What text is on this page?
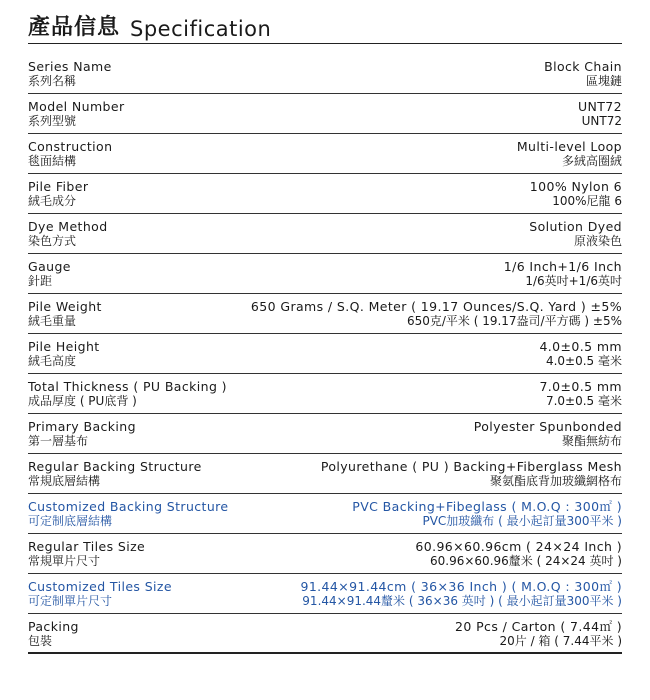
產品信息 Specification
Series Name
系列名稱
Block Chain
區塊鏈
Model Number
系列型號
UNT72
UNT72
Construction
毯面結構
Multi-level Loop
多絨高圈絨
Pile Fiber
絨毛成分
100% Nylon 6
100%尼龍 6
Dye Method
染色方式
Solution Dyed
原液染色
Gauge
針距
1/6 Inch+1/6 Inch
1/6英吋+1/6英吋
Pile Weight
絨毛重量
650 Grams / S.Q. Meter ( 19.17 Ounces/S.Q. Yard ) ±5%
650克/平米 ( 19.17盎司/平方碼 ) ±5%
Pile Height
絨毛高度
4.0±0.5 mm
4.0±0.5 毫米
Total Thickness ( PU Backing )
成品厚度 ( PU底背 )
7.0±0.5 mm
7.0±0.5 毫米
Primary Backing
第一層基布
Polyester Spunbonded
聚酯無紡布
Regular Backing Structure
常規底層結構
Polyurethane ( PU ) Backing+Fiberglass Mesh
聚氨酯底背加玻纖網格布
Customized Backing Structure
可定制底層結構
PVC Backing+Fibeglass ( M.O.Q : 300㎡ )
PVC加玻纖布 ( 最小起訂量300平米 )
Regular Tiles Size
常規單片尺寸
60.96×60.96cm ( 24×24 Inch )
60.96×60.96釐米 ( 24×24 英吋 )
Customized Tiles Size
可定制單片尺寸
91.44×91.44cm ( 36×36 Inch ) ( M.O.Q : 300㎡ )
91.44×91.44釐米 ( 36×36 英吋 ) ( 最小起訂量300平米 )
Packing
包裝
20 Pcs / Carton ( 7.44㎡ )
20片 / 箱 ( 7.44平米 )
